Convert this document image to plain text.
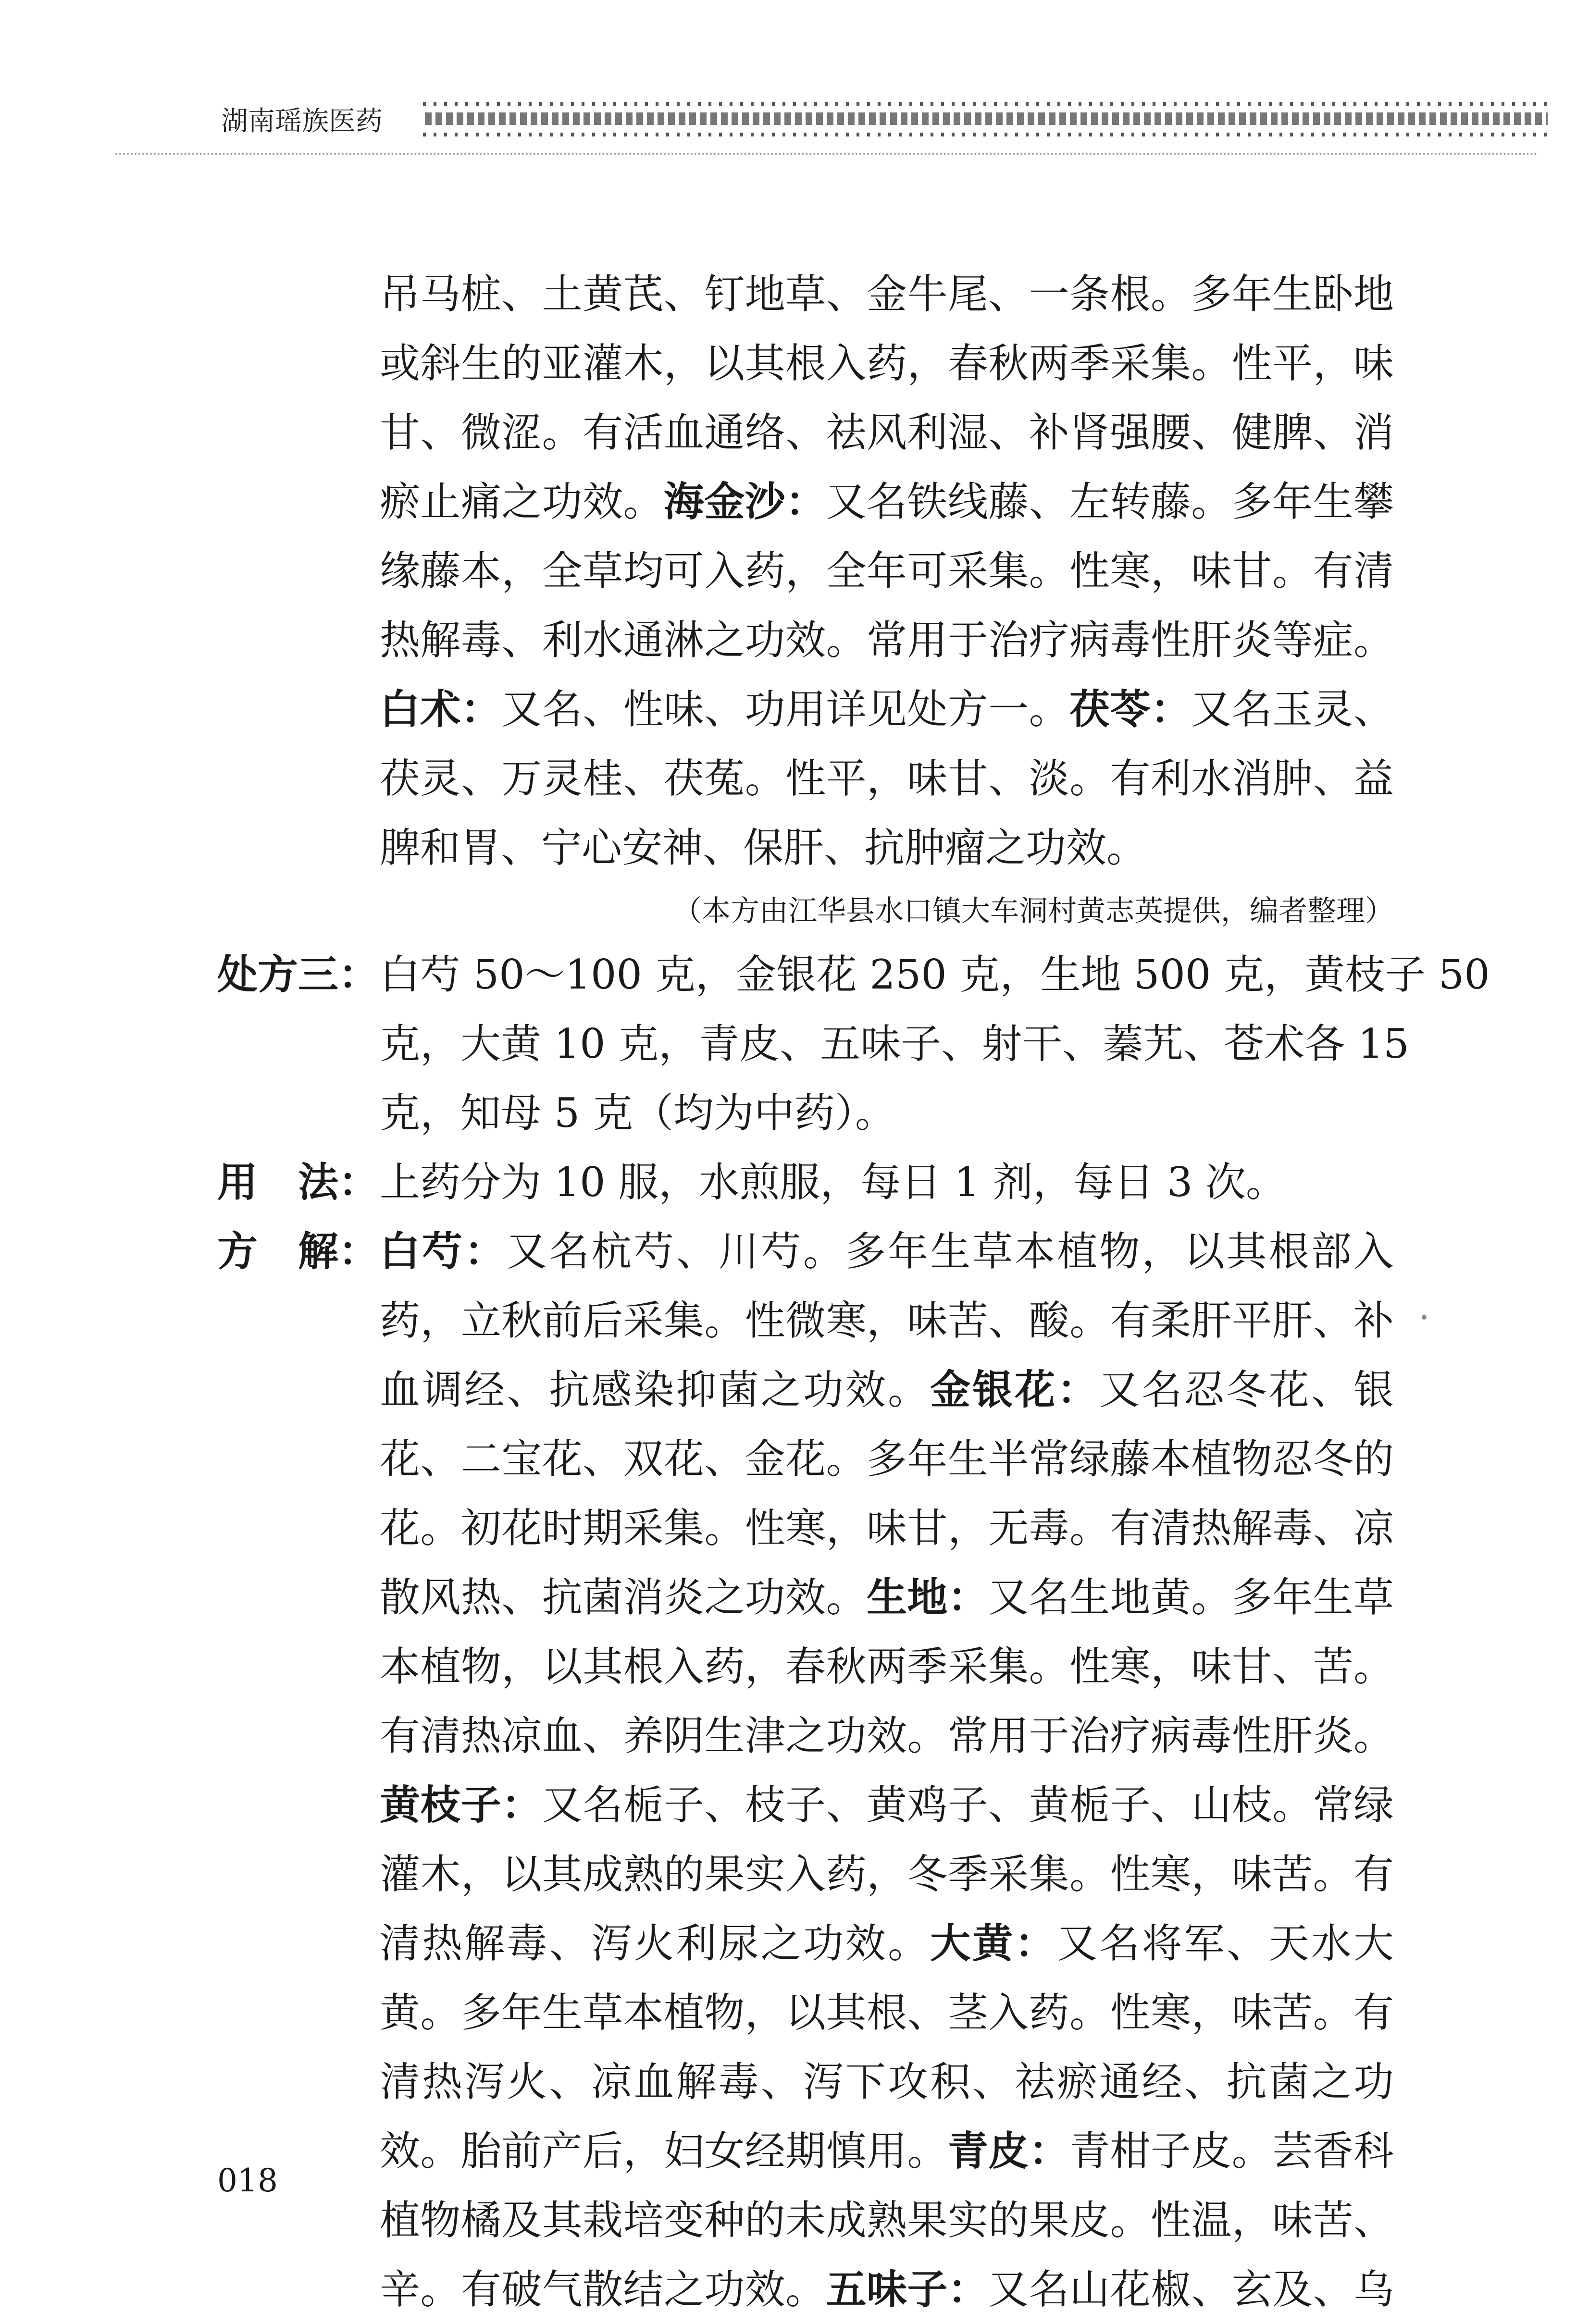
湖南瑶族医药
吊马桩、土黄芪、钉地草、金牛尾、一条根。多年生卧地
或斜生的亚灌木，以其根入药，春秋两季采集。性平，味
甘、微涩。有活血通络、祛风利湿、补肾强腰、健脾、消
瘀止痛之功效。海金沙：又名铁线藤、左转藤。多年生攀
缘藤本，全草均可入药，全年可采集。性寒，味甘。有清
热解毒、利水通淋之功效。常用于治疗病毒性肝炎等症。
白术：又名、性味、功用详见处方一。茯苓：又名玉灵、
茯灵、万灵桂、茯菟。性平，味甘、淡。有利水消肿、益
脾和胃、宁心安神、保肝、抗肿瘤之功效。
（本方由江华县水口镇大车洞村黄志英提供，编者整理）
处方三： 白芍 50～100 克，金银花 250 克，生地 500 克，黄枝子 50
克，大黄 10 克，青皮、五味子、射干、蓁艽、苍术各 15
克，知母 5 克（均为中药）。
用　法： 上药分为 10 服，水煎服，每日 1 剂，每日 3 次。
方　解： 白芍：又名杭芍、川芍。多年生草本植物，以其根部入
药，立秋前后采集。性微寒，味苦、酸。有柔肝平肝、补
血调经、抗感染抑菌之功效。金银花：又名忍冬花、银
花、二宝花、双花、金花。多年生半常绿藤本植物忍冬的
花。初花时期采集。性寒，味甘，无毒。有清热解毒、凉
散风热、抗菌消炎之功效。生地：又名生地黄。多年生草
本植物，以其根入药，春秋两季采集。性寒，味甘、苦。
有清热凉血、养阴生津之功效。常用于治疗病毒性肝炎。
黄枝子：又名栀子、枝子、黄鸡子、黄栀子、山枝。常绿
灌木，以其成熟的果实入药，冬季采集。性寒，味苦。有
清热解毒、泻火利尿之功效。大黄：又名将军、天水大
黄。多年生草本植物，以其根、茎入药。性寒，味苦。有
清热泻火、凉血解毒、泻下攻积、祛瘀通经、抗菌之功
效。胎前产后，妇女经期慎用。青皮：青柑子皮。芸香科
植物橘及其栽培变种的未成熟果实的果皮。性温，味苦、
辛。有破气散结之功效。五味子：又名山花椒、玄及、乌
018
